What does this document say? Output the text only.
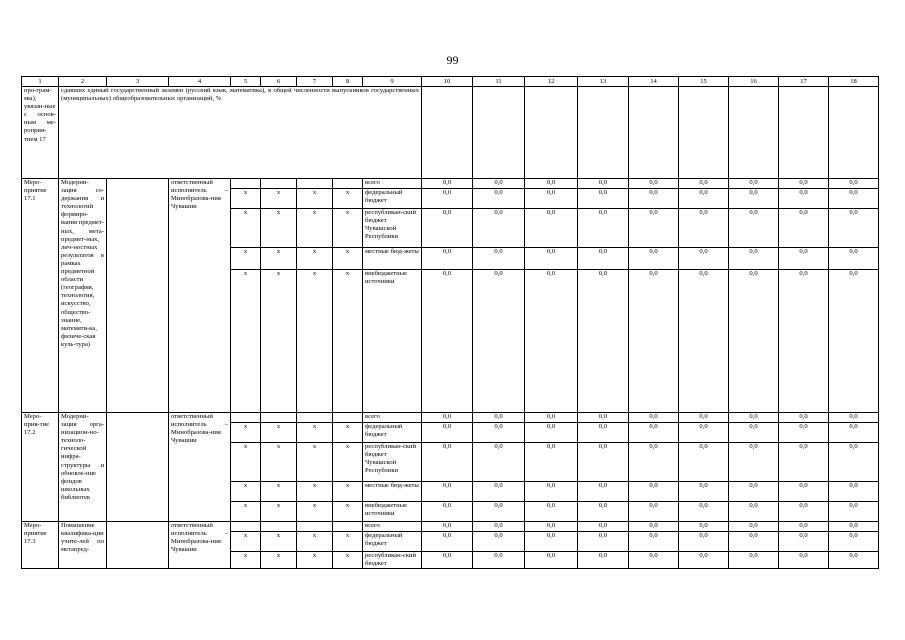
99
1	2	3	4	5	6	7	8	9	10	11	12	13	14	15	16	17	18
про-грам-мы), увязан-ные с основ-ным ме-роприя-тием 17	сдавших единый государственный экзамен (русский язык, математика), в общей численности выпускников государственных (муниципальных) общеобразовательных организаций, %																
Меро-приятие 17.1	Модерни-зация со-держания и технологий формиро-вания предмет-ных, мета-предмет-ных, лич-ностных результатов в рамках предметной области (география, технология, искусство, общество-знание, математи-ка, физиче-ская куль-тура)		ответственный исполнитель – Минобразова-ния Чувашии					всего	0,0	0,0	0,0	0,0	0,0	0,0	0,0	0,0	0,0
				х	х	х	х	федеральный бюджет	0,0	0,0	0,0	0,0	0,0	0,0	0,0	0,0	0,0
				х	х	х	х	республикан-ский бюджет Чувашской Республики	0,0	0,0	0,0	0,0	0,0	0,0	0,0	0,0	0,0
				х	х	х	х	местные бюд-жеты	0,0	0,0	0,0	0,0	0,0	0,0	0,0	0,0	0,0
				х	х	х	х	внебюджетные источники	0,0	0,0	0,0	0,0	0,0	0,0	0,0	0,0	0,0
Меро-прия-тие 17.2	Модерни-зация орга-низацион-но-техноло-гической инфра-структуры и обновле-ние фондов школьных библиотек		ответственный исполнитель – Минобразова-ния Чувашии					всего	0,0	0,0	0,0	0,0	0,0	0,0	0,0	0,0	0,0
				х	х	х	х	федеральный бюджет	0,0	0,0	0,0	0,0	0,0	0,0	0,0	0,0	0,0
				х	х	х	х	республикан-ский бюджет Чувашской Республики	0,0	0,0	0,0	0,0	0,0	0,0	0,0	0,0	0,0
				х	х	х	х	местные бюд-жеты	0,0	0,0	0,0	0,0	0,0	0,0	0,0	0,0	0,0
				х	х	х	х	внебюджетные источники	0,0	0,0	0,0	0,0	0,0	0,0	0,0	0,0	0,0
Меро-приятие 17.3	Повышение квалифика-ции учите-лей по метапред-		ответственный исполнитель – Минобразова-ния Чувашии					всего	0,0	0,0	0,0	0,0	0,0	0,0	0,0	0,0	0,0
				х	х	х	х	федеральный бюджет	0,0	0,0	0,0	0,0	0,0	0,0	0,0	0,0	0,0
				х	х	х	х	республикан-ский бюджет	0,0	0,0	0,0	0,0	0,0	0,0	0,0	0,0	0,0
